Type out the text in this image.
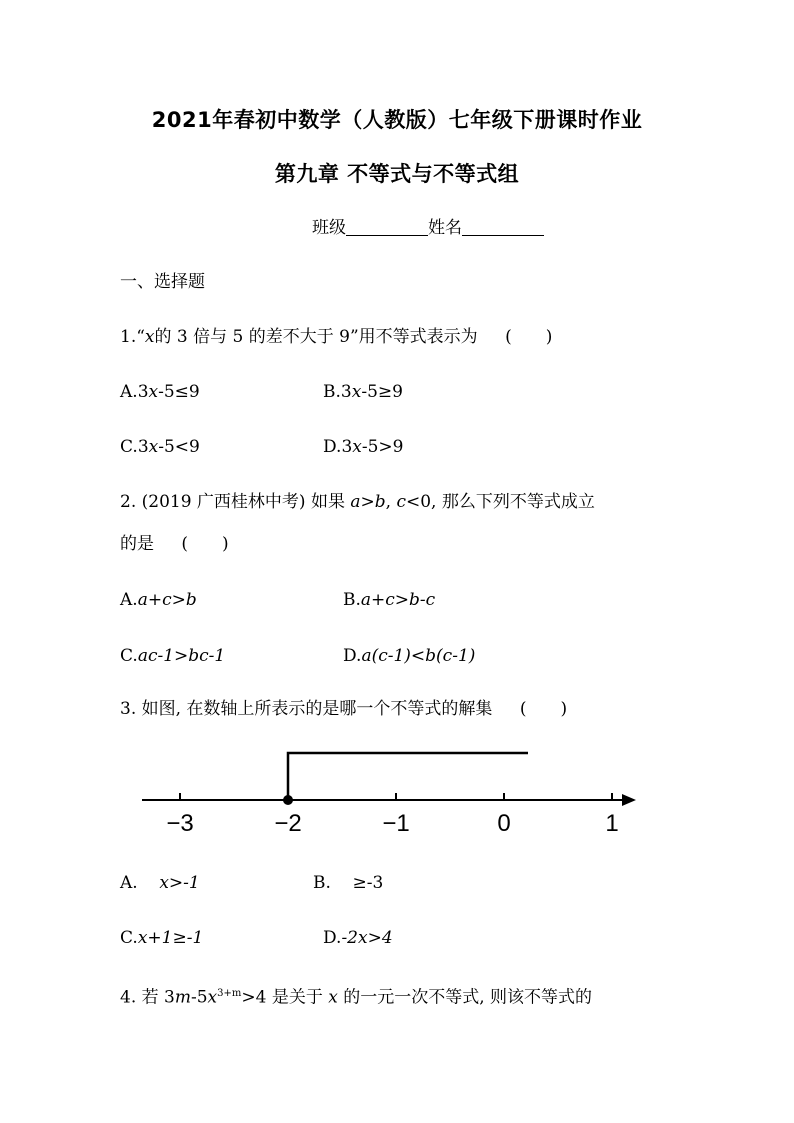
2021年春初中数学（人教版）七年级下册课时作业
第九章 不等式与不等式组
班级	姓名
一、选择题
1.“x的 3 倍与 5 的差不大于 9”用不等式表示为 ( )
A.3x-5≤9	B.3x-5≥9
C.3x-5<9	D.3x-5>9
2. (2019 广西桂林中考) 如果 a>b, c<0, 那么下列不等式成立
的是 ( )
A.a+c>b	B.a+c>b-c
C.ac-1>bc-1	D.a(c-1)<b(c-1)
3. 如图, 在数轴上所表示的是哪一个不等式的解集 ( )
−3	−2	−1	0	1
A. x>-1	B. ≥-3
C.x+1≥-1	D.-2x>4
4. 若 $3m-5x^{3+m}>4$ 是关于 x 的一元一次不等式, 则该不等式的
